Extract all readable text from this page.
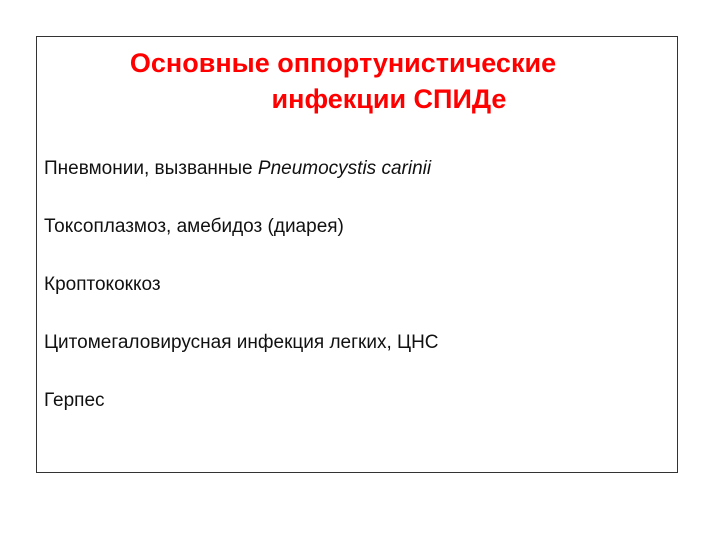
Основные оппортунистические
инфекции СПИДе
Пневмонии, вызванные Pneumocystis carinii
Токсоплазмоз, амебидоз (диарея)
Кроптококкоз
Цитомегаловирусная инфекция легких, ЦНС
Герпес
